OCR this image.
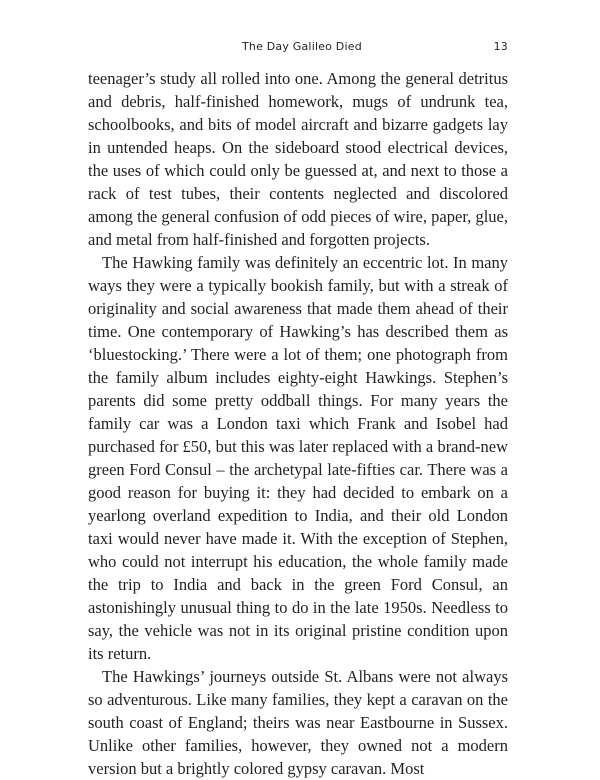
The Day Galileo Died	13

teenager’s study all rolled into one. Among the general detritus and debris, half-finished homework, mugs of undrunk tea, schoolbooks, and bits of model aircraft and bizarre gadgets lay in untended heaps. On the sideboard stood electrical devices, the uses of which could only be guessed at, and next to those a rack of test tubes, their contents neglected and discolored among the general confusion of odd pieces of wire, paper, glue, and metal from half-finished and forgotten projects.

The Hawking family was definitely an eccentric lot. In many ways they were a typically bookish family, but with a streak of originality and social awareness that made them ahead of their time. One contemporary of Hawking’s has described them as ‘bluestocking.’ There were a lot of them; one photograph from the family album includes eighty-eight Hawkings. Stephen’s parents did some pretty oddball things. For many years the family car was a London taxi which Frank and Isobel had purchased for £50, but this was later replaced with a brand-new green Ford Consul – the archetypal late-fifties car. There was a good reason for buying it: they had decided to embark on a yearlong overland expedition to India, and their old London taxi would never have made it. With the exception of Stephen, who could not interrupt his education, the whole family made the trip to India and back in the green Ford Consul, an astonishingly unusual thing to do in the late 1950s. Needless to say, the vehicle was not in its original pristine condition upon its return.

The Hawkings’ journeys outside St. Albans were not always so adventurous. Like many families, they kept a caravan on the south coast of England; theirs was near Eastbourne in Sussex. Unlike other families, however, they owned not a modern version but a brightly colored gypsy caravan. Most
